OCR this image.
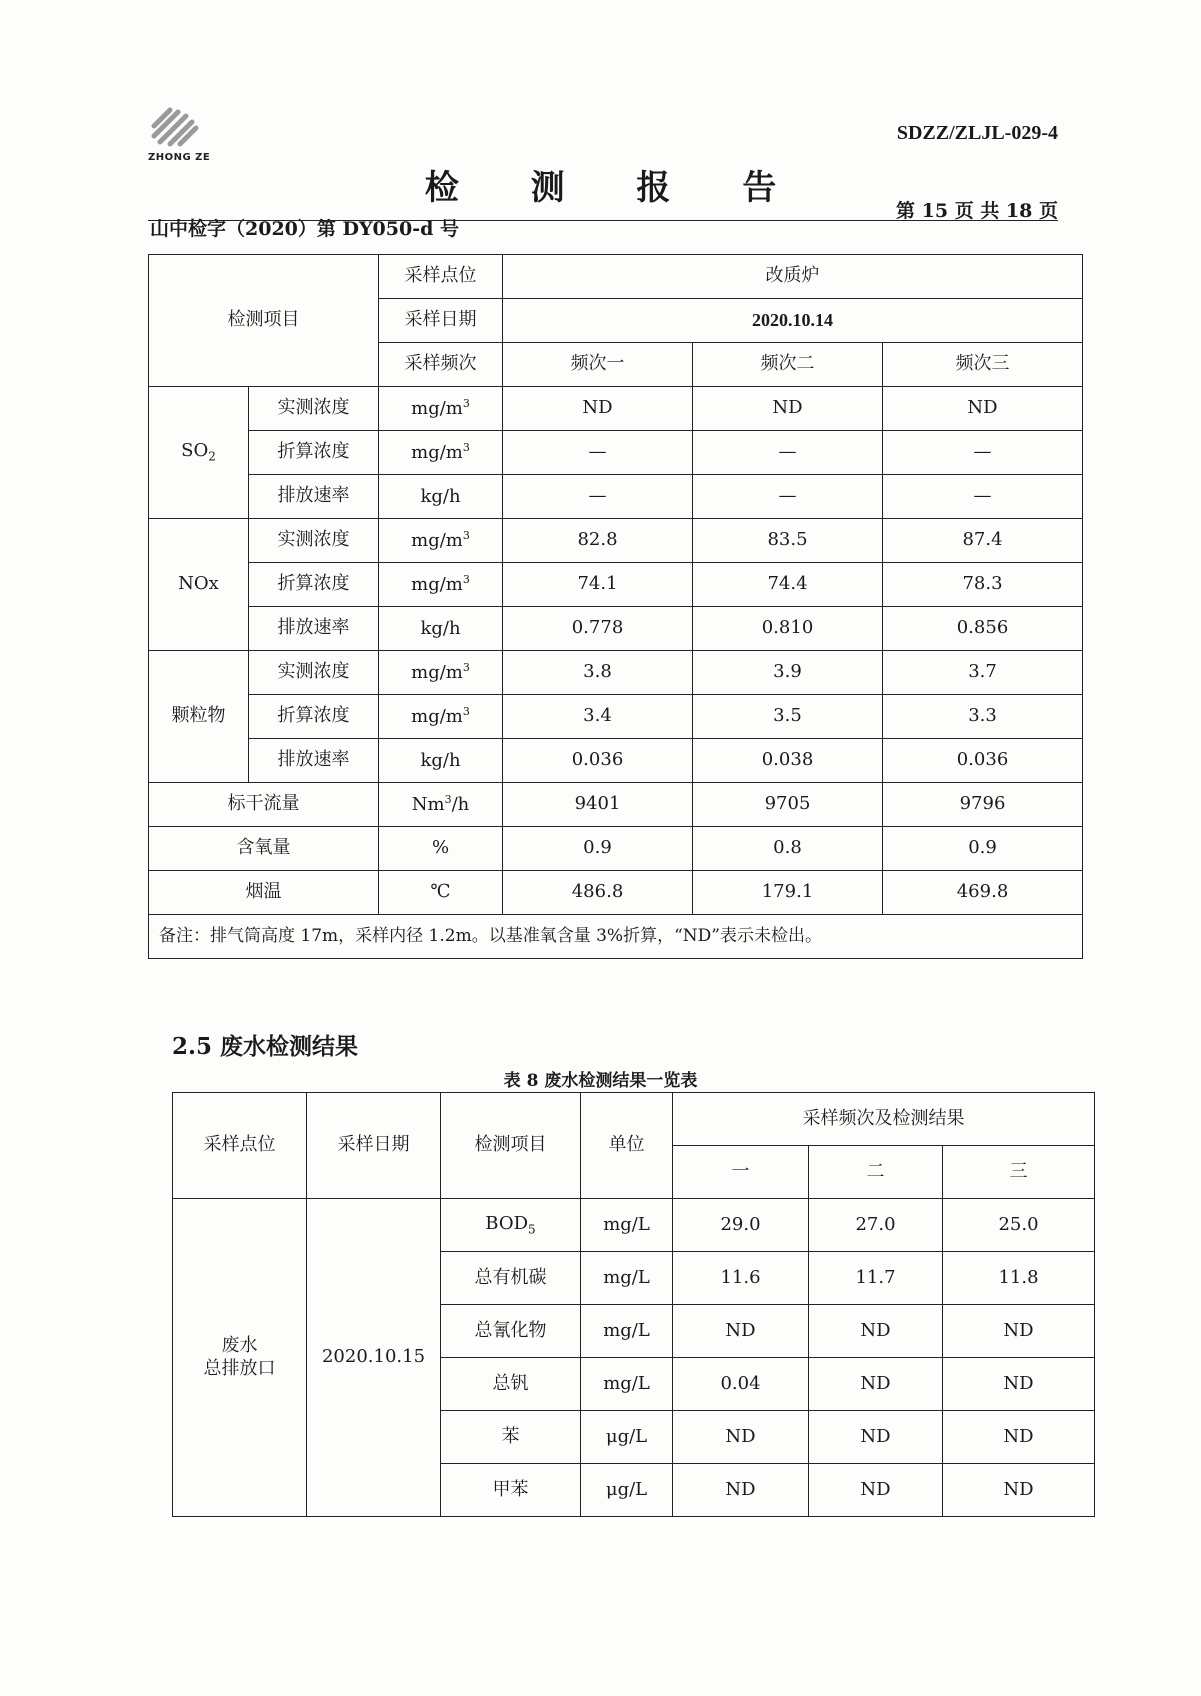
ZHONG ZE
SDZZ/ZLJL-029-4
检 测 报 告
山中检字（2020）第 DY050-d 号
第 15 页 共 18 页
检测项目		采样点位	改质炉		
		采样日期	2020.10.14		
		采样频次	频次一	频次二	频次三
$SO_2$	实测浓度	$mg/m^3$	ND	ND	ND
	折算浓度	$mg/m^3$	—	—	—
	排放速率	kg/h	—	—	—
NOx	实测浓度	$mg/m^3$	82.8	83.5	87.4
	折算浓度	$mg/m^3$	74.1	74.4	78.3
	排放速率	kg/h	0.778	0.810	0.856
颗粒物	实测浓度	$mg/m^3$	3.8	3.9	3.7
	折算浓度	$mg/m^3$	3.4	3.5	3.3
	排放速率	kg/h	0.036	0.038	0.036
标干流量		Nm$^3$/h	9401	9705	9796
含氧量		%	0.9	0.8	0.9
烟温		℃	486.8	179.1	469.8
备注：排气筒高度 17m，采样内径 1.2m。以基准氧含量 3%折算，“ND”表示未检出。					
2.5 废水检测结果
表 8 废水检测结果一览表
采样点位	采样日期	检测项目	单位	采样频次及检测结果		
				一	二	三
废水
总排放口	2020.10.15	$BOD_5$	mg/L	29.0	27.0	25.0
		总有机碳	mg/L	11.6	11.7	11.8
		总氰化物	mg/L	ND	ND	ND
		总钒	mg/L	0.04	ND	ND
		苯	μg/L	ND	ND	ND
		甲苯	μg/L	ND	ND	ND
